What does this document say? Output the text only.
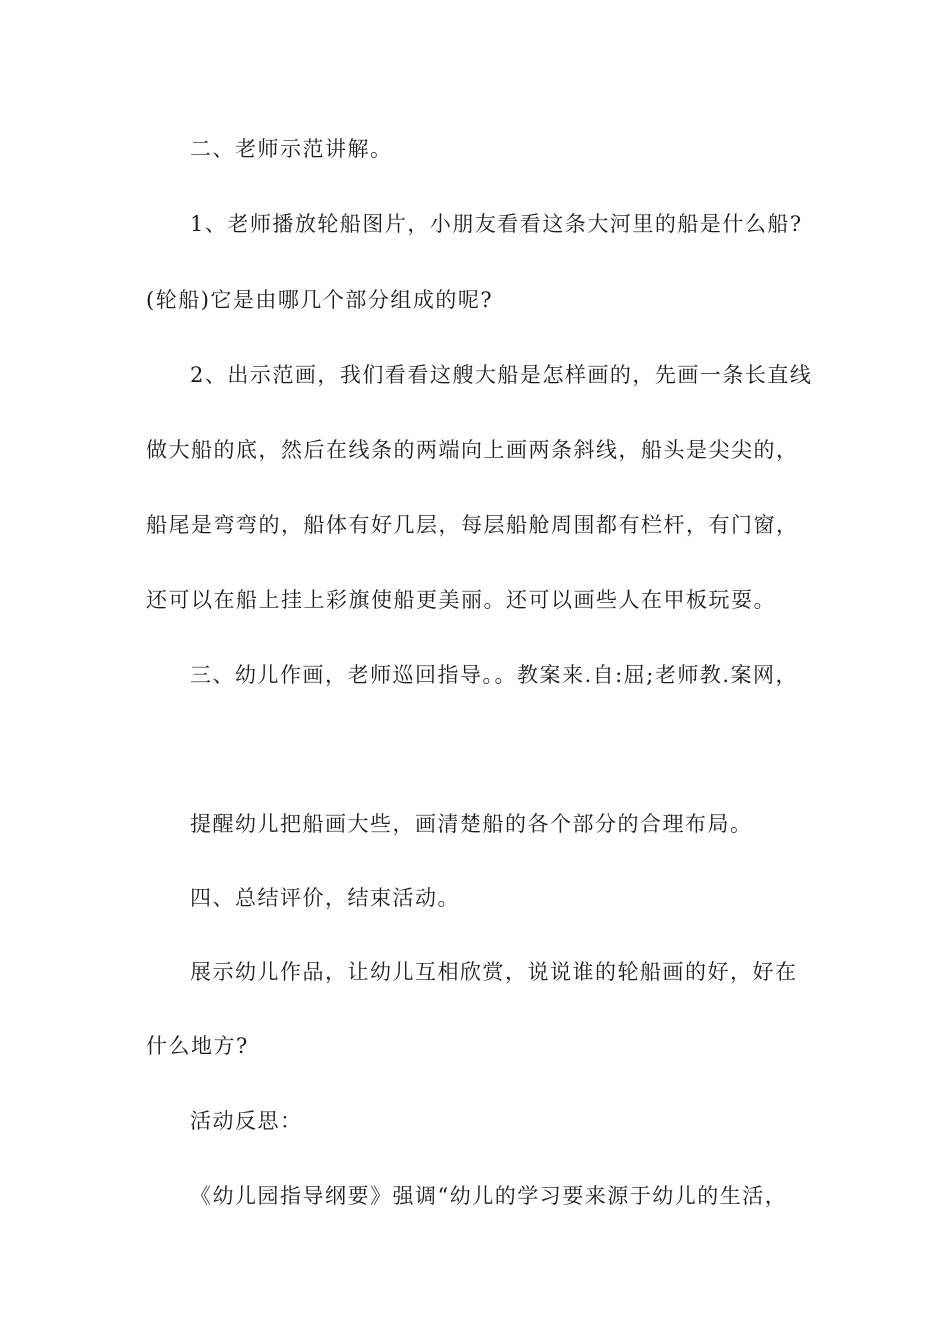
二、老师示范讲解。

1、老师播放轮船图片，小朋友看看这条大河里的船是什么船?

(轮船)它是由哪几个部分组成的呢?

2、出示范画，我们看看这艘大船是怎样画的，先画一条长直线

做大船的底，然后在线条的两端向上画两条斜线，船头是尖尖的，

船尾是弯弯的，船体有好几层，每层船舱周围都有栏杆，有门窗，

还可以在船上挂上彩旗使船更美丽。还可以画些人在甲板玩耍。

三、幼儿作画，老师巡回指导。。教案来.自:屈;老师教.案网，

提醒幼儿把船画大些，画清楚船的各个部分的合理布局。

四、总结评价，结束活动。

展示幼儿作品，让幼儿互相欣赏，说说谁的轮船画的好，好在

什么地方?

活动反思：

《幼儿园指导纲要》强调“幼儿的学习要来源于幼儿的生活，
